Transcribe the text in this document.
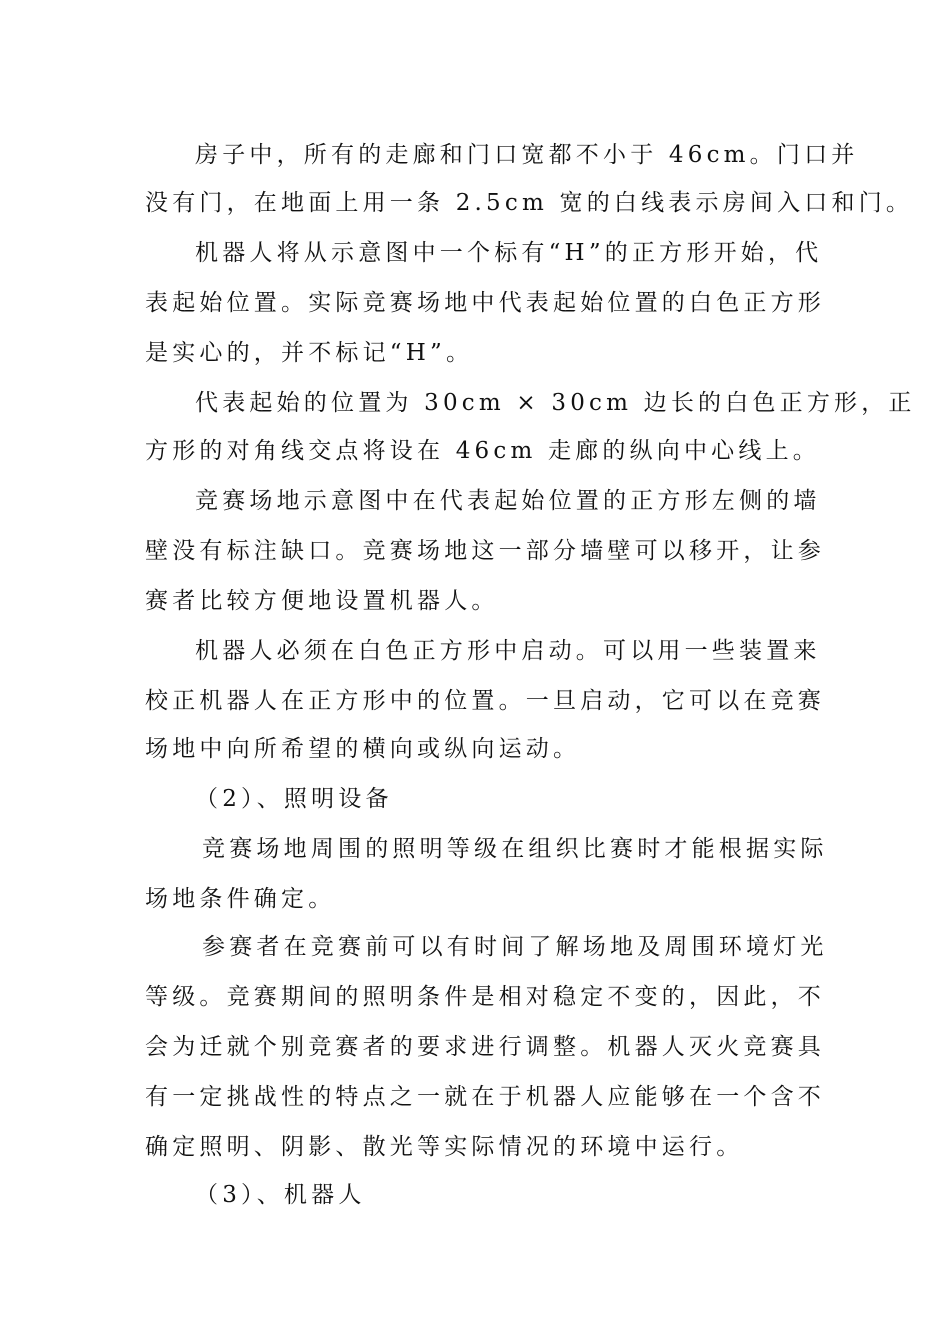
房子中，所有的走廊和门口宽都不小于 46cm。门口并
没有门，在地面上用一条 2.5cm 宽的白线表示房间入口和门。
机器人将从示意图中一个标有“H”的正方形开始，代
表起始位置。实际竞赛场地中代表起始位置的白色正方形
是实心的，并不标记“H”。
代表起始的位置为 30cm × 30cm 边长的白色正方形，正
方形的对角线交点将设在 46cm 走廊的纵向中心线上。
竞赛场地示意图中在代表起始位置的正方形左侧的墙
壁没有标注缺口。竞赛场地这一部分墙壁可以移开，让参
赛者比较方便地设置机器人。
机器人必须在白色正方形中启动。可以用一些装置来
校正机器人在正方形中的位置。一旦启动，它可以在竞赛
场地中向所希望的横向或纵向运动。
（2）、照明设备
竞赛场地周围的照明等级在组织比赛时才能根据实际
场地条件确定。
参赛者在竞赛前可以有时间了解场地及周围环境灯光
等级。竞赛期间的照明条件是相对稳定不变的，因此，不
会为迁就个别竞赛者的要求进行调整。机器人灭火竞赛具
有一定挑战性的特点之一就在于机器人应能够在一个含不
确定照明、阴影、散光等实际情况的环境中运行。
（3）、机器人
